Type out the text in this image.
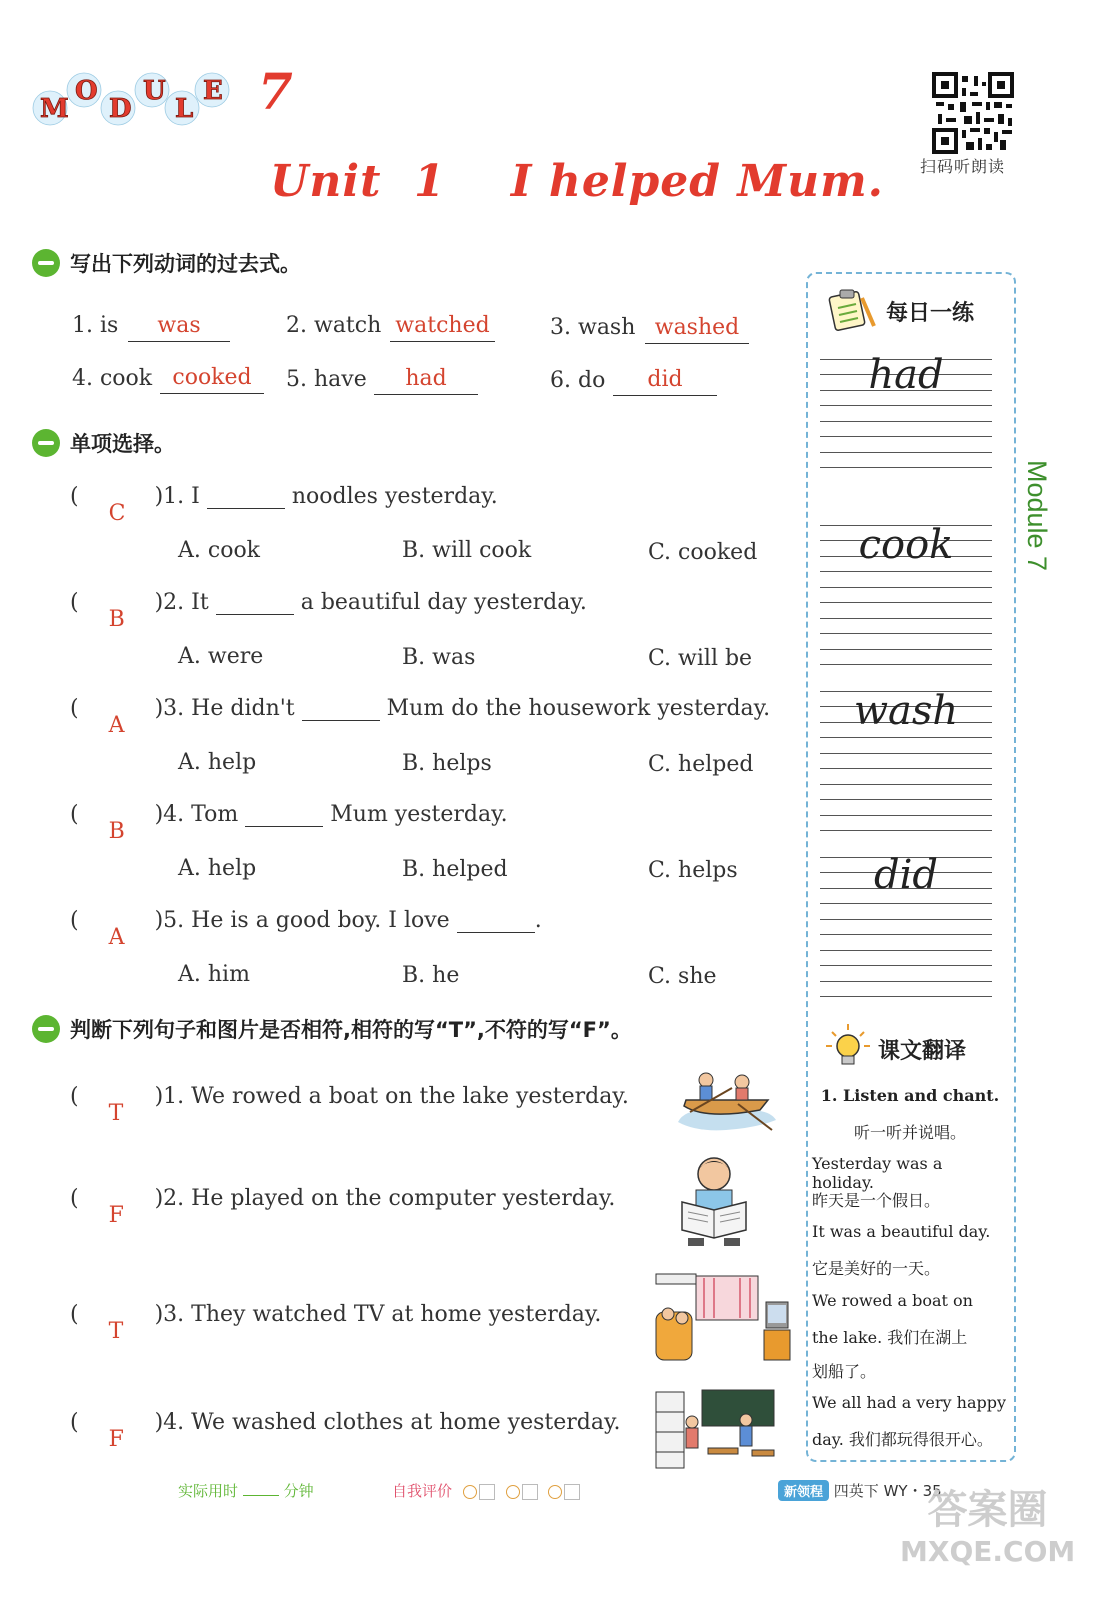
M
O
D
U
L
E 7
扫码听朗读
Unit  1    I helped Mum.
写出下列动词的过去式。
1. is	was	2. watch watched	3. wash washed
4. cook cooked	5. have	had	6. do	did
单项选择。
(
C
)1. I	noodles yesterday.
A. cook	B. will cook	C. cooked
(
B
)2. It	a beautiful day yesterday.
A. were	B. was	C. will be
(
A
)3. He didn't	Mum do the housework yesterday.
A. help	B. helps	C. helped
(
B
)4. Tom	Mum yesterday.
A. help	B. helped	C. helps
(
A
)5. He is a good boy. I love	.
A. him	B. he	C. she
判断下列句子和图片是否相符,相符的写“T”,不符的写“F”。
(
T
)1. We rowed a boat on the lake yesterday.
(
F
)2. He played on the computer yesterday.
(
T
)3. They watched TV at home yesterday.
(
F
)4. We washed clothes at home yesterday.
每日一练
had
cook
wash
did
Module 7
课文翻译
1. Listen and chant.
听一听并说唱。
Yesterday was a holiday.
昨天是一个假日。
It was a beautiful day.
它是美好的一天。
We rowed a boat on
the lake. 我们在湖上
划船了。
We all had a very happy
day. 我们都玩得很开心。
实际用时	分钟	自我评价	新领程 四英下 WY・35
答案圈
MXQE.COM
